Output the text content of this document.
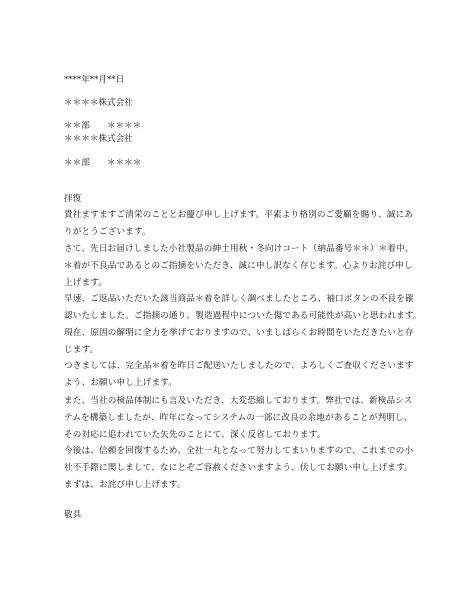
****年**月**日
＊＊＊＊株式会社
＊＊部　　＊＊＊＊
＊＊＊＊株式会社
＊＊部　　＊＊＊＊
拝復
貴社ますますご清栄のこととお慶び申し上げます。平素より格別のご愛顧を賜り、誠にあ
りがとうございます。
さて、先日お届けしました小社製品の紳士用秋・冬向けコート（納品番号＊＊）＊着中、
＊着が不良品であるとのご指摘をいただき、誠に申し訳なく存じます。心よりお詫び申し
上げます。
早速、ご返品いただいた該当商品＊着を詳しく調べましたところ、袖口ボタンの不良を確
認いたしました。ご指摘の通り、製造過程中についた傷である可能性が高いと思われます。
現在、原因の解明に全力を挙げておりますので、いましばらくお時間をいただきたいと存
じます。
つきましては、完全品＊着を昨日ご配送いたしましたので、よろしくご査収くださいます
よう、お願い申し上げます。
また、当社の検品体制にも言及いただき、大変恐縮しております。弊社では、新検品シス
テムを構築しましたが、昨年になってシステムの一部に改良の余地があることが判明し、
その対応に追われていた矢先のことにて、深く反省しております。
今後は、信頼を回復するため、全社一丸となって努力してまいりますので、これまでの小
社不手際に関しまして、なにとぞご容赦くださいますよう、伏してお願い申し上げます。
まずは、お詫び申し上げます。
敬具
